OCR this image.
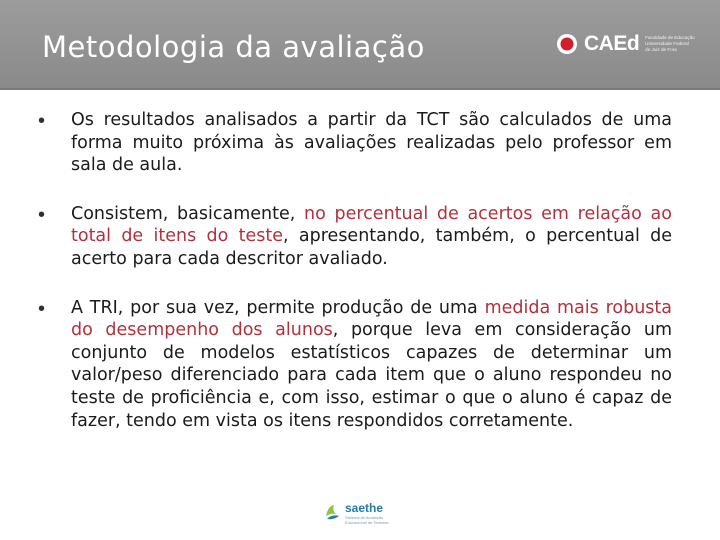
Metodologia da avaliação	CAEd Faculdade de Educação Universidade Federal de Juiz de Fora
• Os resultados analisados a partir da TCT são calculados de uma forma muito próxima às avaliações realizadas pelo professor em sala de aula.

• Consistem, basicamente, no percentual de acertos em relação ao total de itens do teste, apresentando, também, o percentual de acerto para cada descritor avaliado.

• A TRI, por sua vez, permite produção de uma medida mais robusta do desempenho dos alunos, porque leva em consideração um conjunto de modelos estatísticos capazes de determinar um valor/peso diferenciado para cada item que o aluno respondeu no teste de proficiência e, com isso, estimar o que o aluno é capaz de fazer, tendo em vista os itens respondidos corretamente.

saethe
Sistema de Avaliação Educacional de Teresina
